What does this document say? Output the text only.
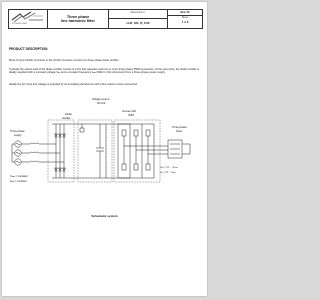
SCHAFFNER
Three phase
line harmonic filter
Document n.
LHF_EN_B_F00
Rev. 00
Sheet
1 of 8
PRODUCT DESCRIPTION
Most of input AC/DC converter in the AC/AC inverters consist of a three phase diode rectifier.
Typically the output load of the diode rectifier consist of a DC link capacitor and one or more three phase PWM converters. At the input side, the diode rectifier is ideally supplied with a constant voltage Vₙₙ and a constant frequency fₙₙₙ (60Hz in this document) from a three-phase power supply.
Ideally the AC input line voltage is supplied by an insulating transformer with a line reactor series-connected.
Diode
rectifier
Voltage source
DC link
Inverter with
IGBT
Three-phase
supply
Three-phase
driver
Vₙₙₙ = constant
fₙₙₙ = constant
Vₒᵤₜ = 0 ... Vₘₐₓ
fₒᵤₜ = 0 ... fₘₐₓ
Schematic system
